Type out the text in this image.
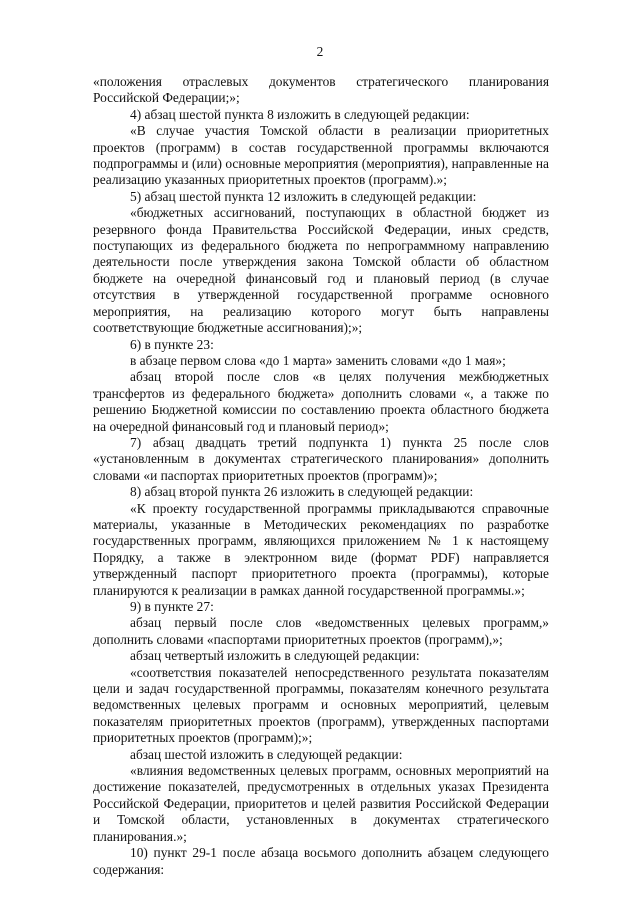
2

«положения отраслевых документов стратегического планирования Российской Федерации;»;

4) абзац шестой пункта 8 изложить в следующей редакции:

«В случае участия Томской области в реализации приоритетных проектов (программ) в состав государственной программы включаются подпрограммы и (или) основные мероприятия (мероприятия), направленные на реализацию указанных приоритетных проектов (программ).»;

5) абзац шестой пункта 12 изложить в следующей редакции:

«бюджетных ассигнований, поступающих в областной бюджет из резервного фонда Правительства Российской Федерации, иных средств, поступающих из федерального бюджета по непрограммному направлению деятельности после утверждения закона Томской области об областном бюджете на очередной финансовый год и плановый период (в случае отсутствия в утвержденной государственной программе основного мероприятия, на реализацию которого могут быть направлены соответствующие бюджетные ассигнования);»;

6) в пункте 23:

в абзаце первом слова «до 1 марта» заменить словами «до 1 мая»;

абзац второй после слов «в целях получения межбюджетных трансфертов из федерального бюджета» дополнить словами «, а также по решению Бюджетной комиссии по составлению проекта областного бюджета на очередной финансовый год и плановый период»;

7) абзац двадцать третий подпункта 1) пункта 25 после слов «установленным в документах стратегического планирования» дополнить словами «и паспортах приоритетных проектов (программ)»;

8) абзац второй пункта 26 изложить в следующей редакции:

«К проекту государственной программы прикладываются справочные материалы, указанные в Методических рекомендациях по разработке государственных программ, являющихся приложением № 1 к настоящему Порядку, а также в электронном виде (формат PDF) направляется утвержденный паспорт приоритетного проекта (программы), которые планируются к реализации в рамках данной государственной программы.»;

9) в пункте 27:

абзац первый после слов «ведомственных целевых программ,» дополнить словами «паспортами приоритетных проектов (программ),»;

абзац четвертый изложить в следующей редакции:

«соответствия показателей непосредственного результата показателям цели и задач государственной программы, показателям конечного результата ведомственных целевых программ и основных мероприятий, целевым показателям приоритетных проектов (программ), утвержденных паспортами приоритетных проектов (программ);»;

абзац шестой изложить в следующей редакции:

«влияния ведомственных целевых программ, основных мероприятий на достижение показателей, предусмотренных в отдельных указах Президента Российской Федерации, приоритетов и целей развития Российской Федерации и Томской области, установленных в документах стратегического планирования.»;

10) пункт 29-1 после абзаца восьмого дополнить абзацем следующего содержания:
